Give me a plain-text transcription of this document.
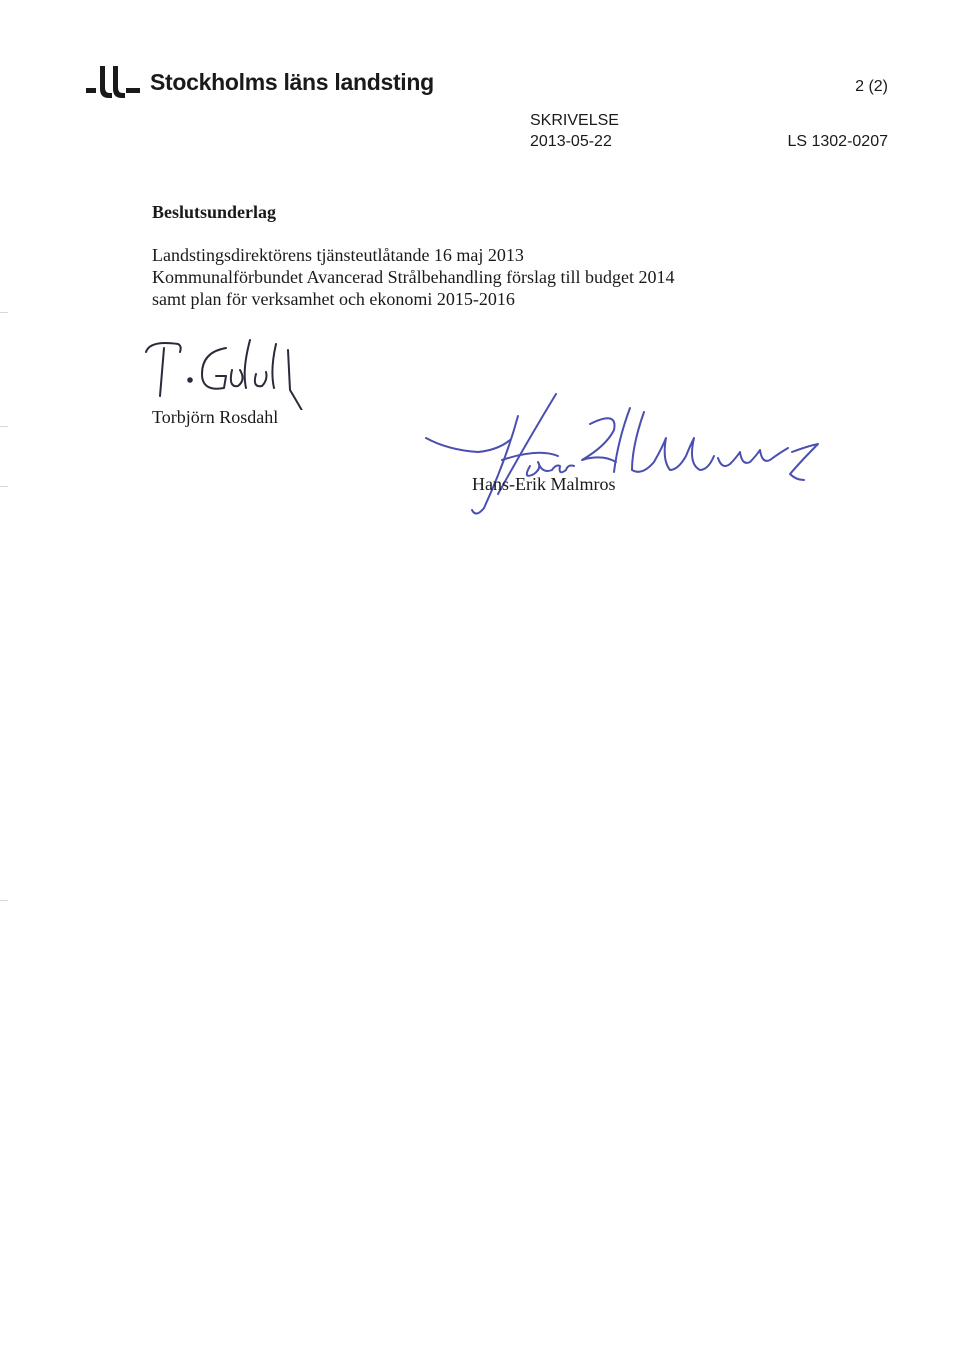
Stockholms läns landsting	2 (2)
SKRIVELSE
2013-05-22	LS 1302-0207
Beslutsunderlag
Landstingsdirektörens tjänsteutlåtande 16 maj 2013
Kommunalförbundet Avancerad Strålbehandling förslag till budget 2014
samt plan för verksamhet och ekonomi 2015-2016
Torbjörn Rosdahl
Hans-Erik Malmros
